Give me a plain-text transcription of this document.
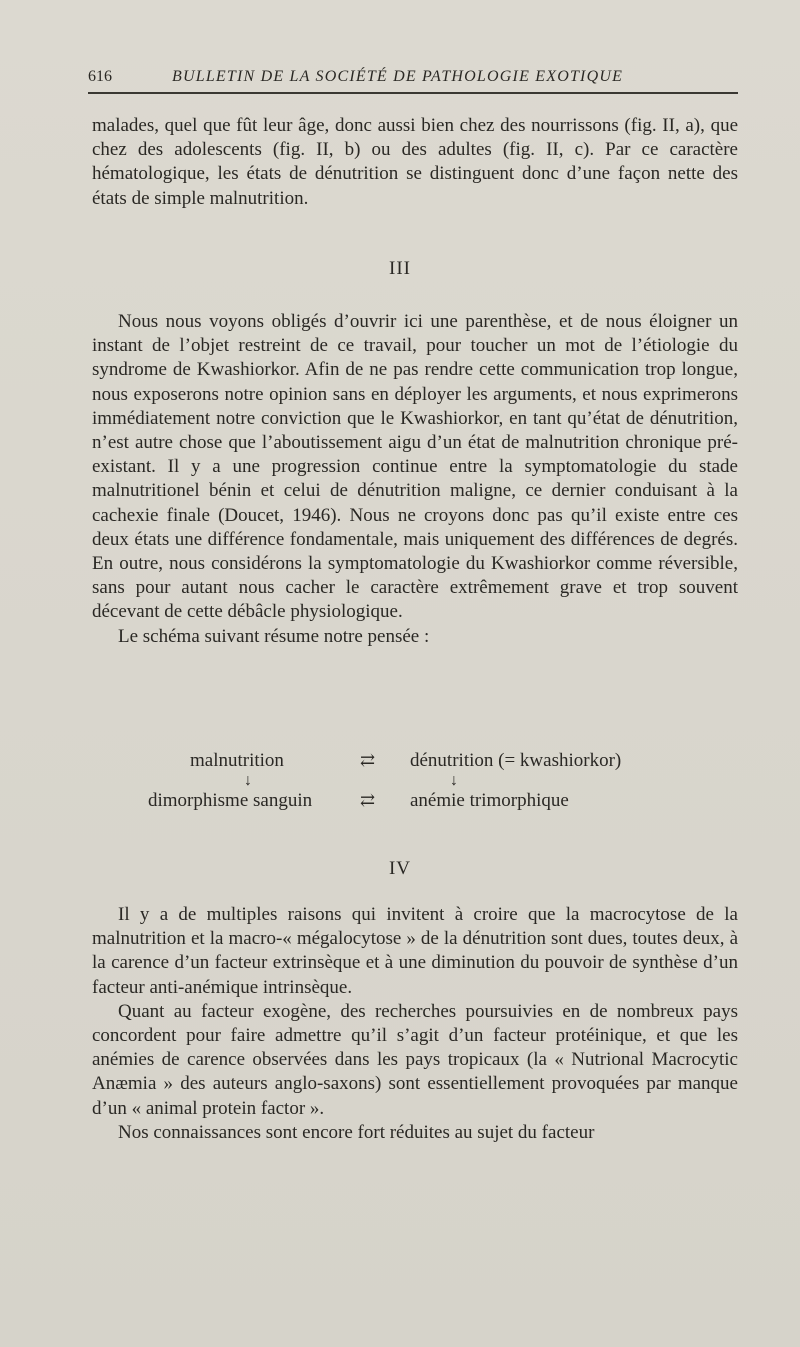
616	BULLETIN DE LA SOCIÉTÉ DE PATHOLOGIE EXOTIQUE

malades, quel que fût leur âge, donc aussi bien chez des nourrissons (fig. II, a), que chez des adolescents (fig. II, b) ou des adultes (fig. II, c). Par ce caractère hématologique, les états de dénutrition se distinguent donc d’une façon nette des états de simple malnutrition.

III

Nous nous voyons obligés d’ouvrir ici une parenthèse, et de nous éloigner un instant de l’objet restreint de ce travail, pour toucher un mot de l’étiologie du syndrome de Kwashiorkor. Afin de ne pas rendre cette communication trop longue, nous exposerons notre opinion sans en déployer les arguments, et nous exprimerons immédiatement notre conviction que le Kwashiorkor, en tant qu’état de dénutrition, n’est autre chose que l’aboutissement aigu d’un état de malnutrition chronique pré-existant. Il y a une progression continue entre la symptomatologie du stade malnutritionel bénin et celui de dénutrition maligne, ce dernier conduisant à la cachexie finale (Doucet, 1946). Nous ne croyons donc pas qu’il existe entre ces deux états une différence fondamentale, mais uniquement des différences de degrés. En outre, nous considérons la symptomatologie du Kwashiorkor comme réversible, sans pour autant nous cacher le caractère extrêmement grave et trop souvent décevant de cette débâcle physiologique.

Le schéma suivant résume notre pensée :

malnutrition	⇄ dénutrition (= kwashiorkor)
↓	↓
dimorphisme sanguin	⇄ anémie trimorphique
IV

Il y a de multiples raisons qui invitent à croire que la macrocytose de la malnutrition et la macro-« mégalocytose » de la dénutrition sont dues, toutes deux, à la carence d’un facteur extrinsèque et à une diminution du pouvoir de synthèse d’un facteur anti-anémique intrinsèque.

Quant au facteur exogène, des recherches poursuivies en de nombreux pays concordent pour faire admettre qu’il s’agit d’un facteur protéinique, et que les anémies de carence observées dans les pays tropicaux (la « Nutrional Macrocytic Anæmia » des auteurs anglo-saxons) sont essentiellement provoquées par manque d’un « animal protein factor ».

Nos connaissances sont encore fort réduites au sujet du facteur
